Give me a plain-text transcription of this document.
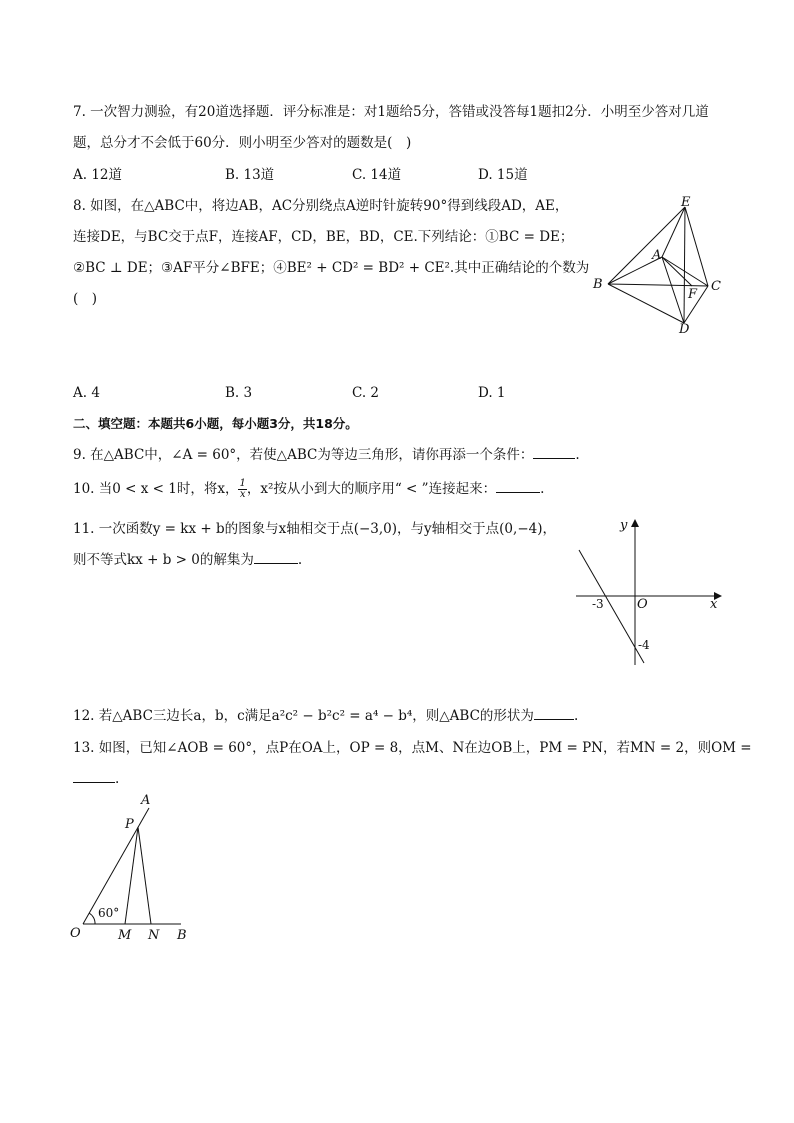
7. 一次智力测验，有20道选择题．评分标准是：对1题给5分，答错或没答每1题扣2分．小明至少答对几道
题，总分才不会低于60分．则小明至少答对的题数是(　)
A. 12道	B. 13道	C. 14道	D. 15道
8. 如图，在△ABC中，将边AB，AC分别绕点A逆时针旋转90°得到线段AD，AE，
连接DE，与BC交于点F，连接AF，CD，BE，BD，CE.下列结论：①BC = DE；
②BC ⊥ DE；③AF平分∠BFE；④BE² + CD² = BD² + CE².其中正确结论的个数为
(　)
E
A
B	C
F
D
A. 4	B. 3	C. 2	D. 1
二、填空题：本题共6小题，每小题3分，共18分。
9. 在△ABC中，∠A = 60°，若使△ABC为等边三角形，请你再添一个条件：	.
10. 当0 < x < 1时，将x， $\frac{1}{x}$ ，x²按从小到大的顺序用“ < ”连接起来：	.
11. 一次函数y = kx + b的图象与x轴相交于点(−3,0)，与y轴相交于点(0,−4)，
则不等式kx + b > 0的解集为	.
y
x
O
-3
-4
12. 若△ABC三边长a，b，c满足a²c² − b²c² = a⁴ − b⁴，则△ABC的形状为	.
13. 如图，已知∠AOB = 60°，点P在OA上，OP = 8，点M、N在边OB上，PM = PN，若MN = 2，则OM =
.
A
P
60°
O	M N B
